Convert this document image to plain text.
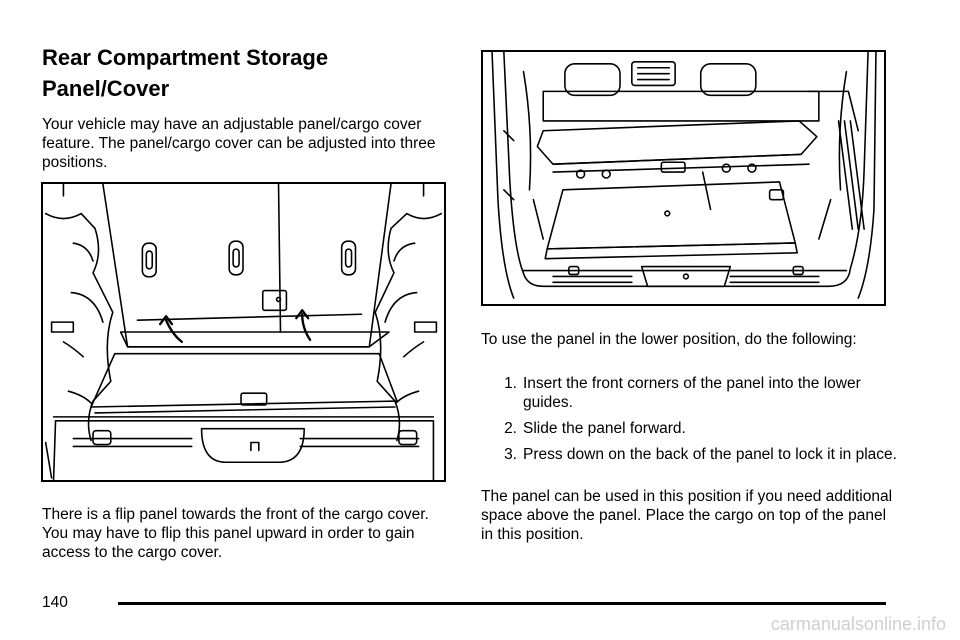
Rear Compartment Storage
Panel/Cover

Your vehicle may have an adjustable panel/cargo cover feature. The panel/cargo cover can be adjusted into three positions.

There is a flip panel towards the front of the cargo cover. You may have to flip this panel upward in order to gain access to the cargo cover.

To use the panel in the lower position, do the following:

1. Insert the front corners of the panel into the lower guides.
2. Slide the panel forward.
3. Press down on the back of the panel to lock it in place.

The panel can be used in this position if you need additional space above the panel. Place the cargo on top of the panel in this position.

140
carmanualsonline.info
